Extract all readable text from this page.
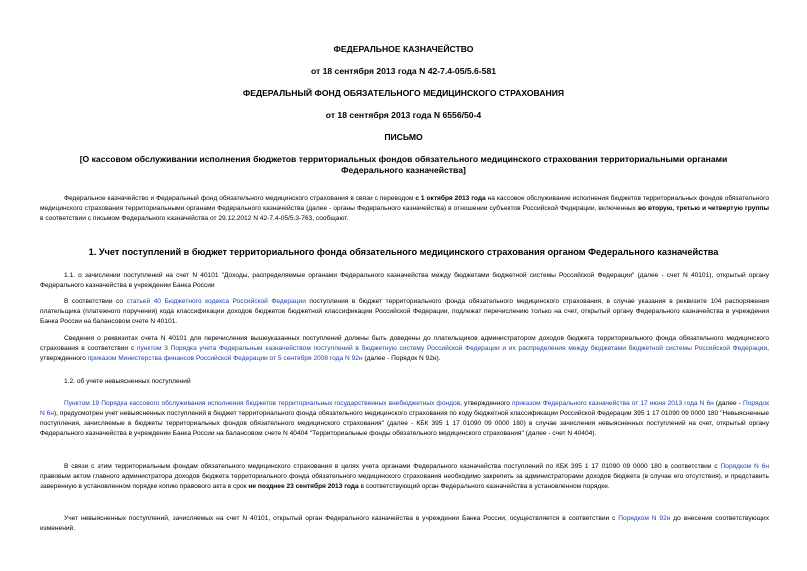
ФЕДЕРАЛЬНОЕ КАЗНАЧЕЙСТВО
от 18 сентября 2013 года N 42-7.4-05/5.6-581
ФЕДЕРАЛЬНЫЙ ФОНД ОБЯЗАТЕЛЬНОГО МЕДИЦИНСКОГО СТРАХОВАНИЯ
от 18 сентября 2013 года N 6556/50-4
ПИСЬМО
[О кассовом обслуживании исполнения бюджетов территориальных фондов обязательного медицинского страхования территориальными органами
Федерального казначейства]
Федеральное казначейство и Федеральный фонд обязательного медицинского страхования в связи с переводом с 1 октября 2013 года на кассовое обслуживание исполнения бюджетов территориальных фондов обязательного медицинского страхования территориальными органами Федерального казначейства (далее - органы Федерального казначейства) в отношении субъектов Российской Федерации, включенных во вторую, третью и четвертую группы в соответствии с письмом Федерального казначейства от 29.12.2012 N 42-7.4-05/5.3-763, сообщают.
1. Учет поступлений в бюджет территориального фонда обязательного медицинского страхования органом Федерального казначейства
1.1. о зачислении поступлений на счет N 40101 "Доходы, распределяемые органами Федерального казначейства между бюджетами бюджетной системы Российской Федерации" (далее - счет N 40101), открытый органу Федерального казначейства в учреждении Банка России
В соответствии со статьей 40 Бюджетного кодекса Российской Федерации поступления в бюджет территориального фонда обязательного медицинского страхования, в случае указания в реквизите 104 распоряжения плательщика (платежного поручения) кода классификации доходов бюджетов бюджетной классификации Российской Федерации, подлежат перечислению только на счет, открытый органу Федерального казначейства в учреждении Банка России на балансовом счете N 40101.
Сведения о реквизитах счета N 40101 для перечисления вышеуказанных поступлений должны быть доведены до плательщиков администратором доходов бюджета территориального фонда обязательного медицинского страхования в соответствии с пунктом 3 Порядка учета Федеральным казначейством поступлений в бюджетную систему Российской Федерации и их распределения между бюджетами бюджетной системы Российской Федерации, утвержденного приказом Министерства финансов Российской Федерации от 5 сентября 2008 года N 92н (далее - Порядок N 92н).
1.2. об учете невыясненных поступлений
Пунктом 19 Порядка кассового обслуживания исполнения бюджетов территориальных государственных внебюджетных фондов, утвержденного приказом Федерального казначейства от 17 июня 2013 года N 6н (далее - Порядок N 6н), предусмотрен учет невыясненных поступлений в бюджет территориального фонда обязательного медицинского страхования по коду бюджетной классификации Российской Федерации 395 1 17 01090 09 0000 180 "Невыясненные поступления, зачисляемые в бюджеты территориальных фондов обязательного медицинского страхования" (далее - КБК 395 1 17 01090 09 0000 180) в случае зачисления невыясненных поступлений на счет, открытый органу Федерального казначейства в учреждении Банка России на балансовом счете N 40404 "Территориальные фонды обязательного медицинского страхования" (далее - счет N 40404).
В связи с этим территориальным фондам обязательного медицинского страхования в целях учета органами Федерального казначейства поступлений по КБК 395 1 17 01090 09 0000 180 в соответствии с Порядком N 6н правовым актом главного администратора доходов бюджета территориального фонда обязательного медицинского страхования необходимо закрепить за администраторами доходов бюджета (в случае его отсутствия), и представить заверенную в установленном порядке копию правового акта в срок не позднее 23 сентября 2013 года в соответствующий орган Федерального казначейства в установленном порядке.
Учет невыясненных поступлений, зачисляемых на счет N 40101, открытый орган Федерального казначейства в учреждении Банка России, осуществляется в соответствии с Порядком N 92н до внесения соответствующих изменений.
